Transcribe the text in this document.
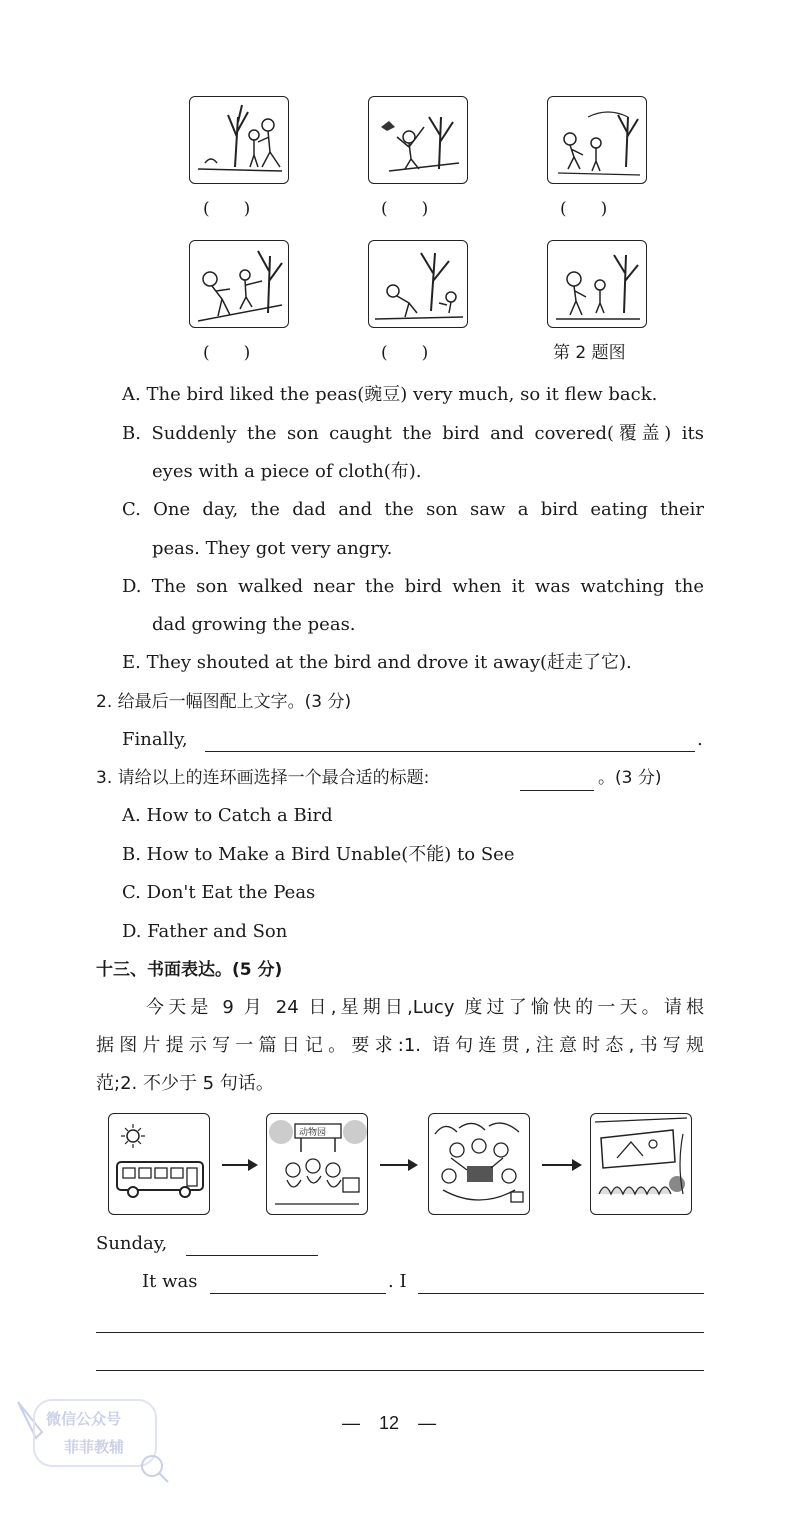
(　　)	(　　)	(　　)
(　　)	(　　)	第 2 题图
A. The bird liked the peas(豌豆) very much, so it flew back.
B. Suddenly the son caught the bird and covered(覆盖) its
eyes with a piece of cloth(布).
C. One day, the dad and the son saw a bird eating their
peas. They got very angry.
D. The son walked near the bird when it was watching the
dad growing the peas.
E. They shouted at the bird and drove it away(赶走了它).
2. 给最后一幅图配上文字。(3 分)
Finally,	.
3. 请给以上的连环画选择一个最合适的标题:	。(3 分)
A. How to Catch a Bird
B. How to Make a Bird Unable(不能) to See
C. Don't Eat the Peas
D. Father and Son
十三、书面表达。(5 分)
今天是 9 月 24 日,星期日,Lucy 度过了愉快的一天。请根
据图片提示写一篇日记。要求:1. 语句连贯,注意时态,书写规
范;2. 不少于 5 句话。
动物园
Sunday,
It was	. I
— 12 —
微信公众号
菲菲教辅
